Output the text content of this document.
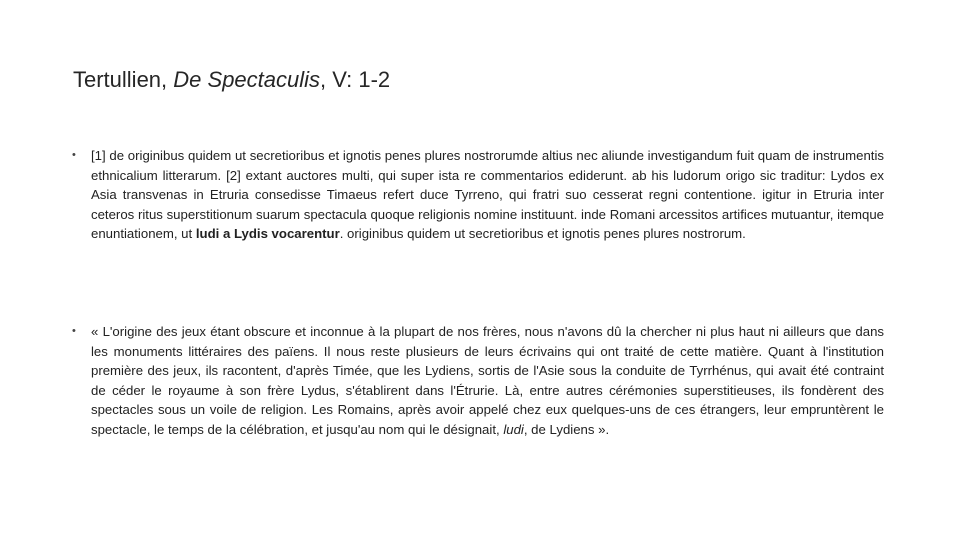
Tertullien, De Spectaculis, V: 1-2
• [1] de originibus quidem ut secretioribus et ignotis penes plures nostrorumde altius nec aliunde investigandum fuit quam de instrumentis ethnicalium litterarum. [2] extant auctores multi, qui super ista re commentarios ediderunt. ab his ludorum origo sic traditur: Lydos ex Asia transvenas in Etruria consedisse Timaeus refert duce Tyrreno, qui fratri suo cesserat regni contentione. igitur in Etruria inter ceteros ritus superstitionum suarum spectacula quoque religionis nomine instituunt. inde Romani arcessitos artifices mutuantur, itemque enuntiationem, ut ludi a Lydis vocarentur. originibus quidem ut secretioribus et ignotis penes plures nostrorum.
• « L'origine des jeux étant obscure et inconnue à la plupart de nos frères, nous n'avons dû la chercher ni plus haut ni ailleurs que dans les monuments littéraires des païens. Il nous reste plusieurs de leurs écrivains qui ont traité de cette matière. Quant à l'institution première des jeux, ils racontent, d'après Timée, que les Lydiens, sortis de l'Asie sous la conduite de Tyrrhénus, qui avait été contraint de céder le royaume à son frère Lydus, s'établirent dans l'Étrurie. Là, entre autres cérémonies superstitieuses, ils fondèrent des spectacles sous un voile de religion. Les Romains, après avoir appelé chez eux quelques-uns de ces étrangers, leur empruntèrent le spectacle, le temps de la célébration, et jusqu'au nom qui le désignait, ludi, de Lydiens ».
